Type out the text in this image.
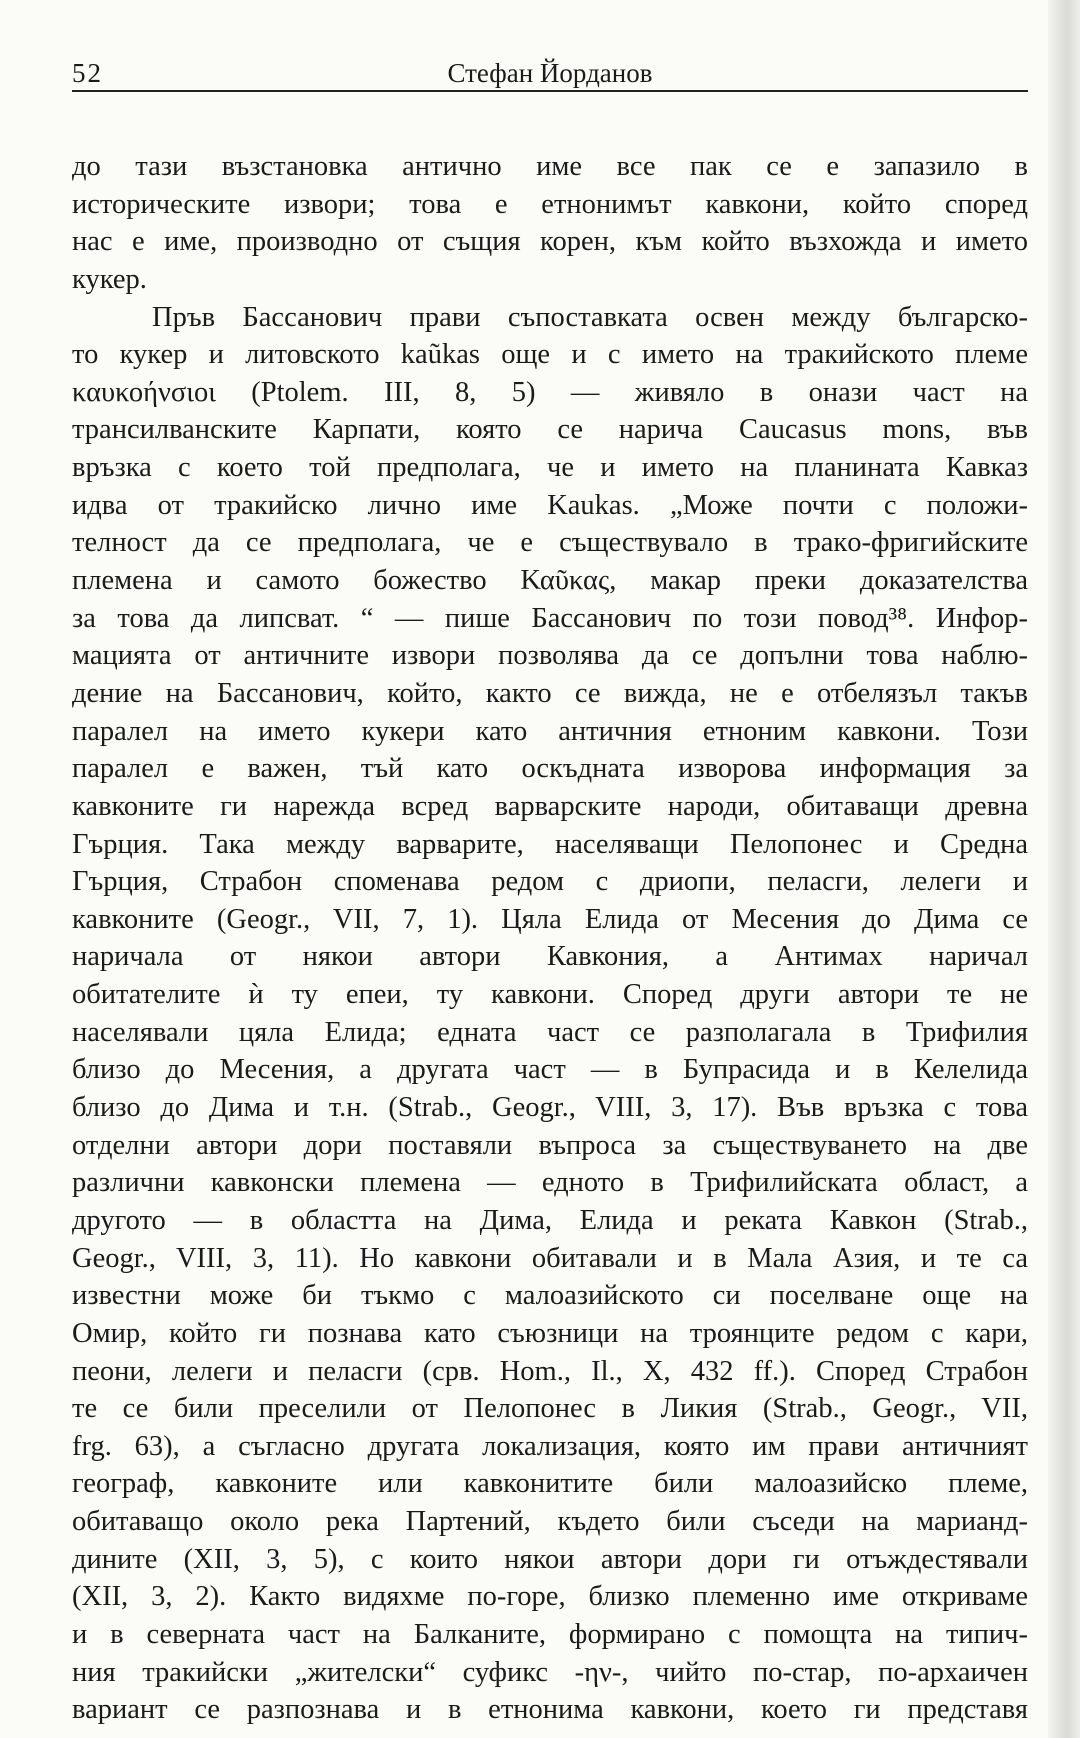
52	Стефан Йорданов
до тази възстановка антично име все пак се е запазило в
историческите извори; това е етнонимът кавкони, който според
нас е име, производно от същия корен, към който възхожда и името
кукер.
Пръв Бассанович прави съпоставката освен между българско-
то кукер и литовското kaũkas още и с името на тракийското племе
καυκοήνσιοι (Ptolem. III, 8, 5) — живяло в онази част на
трансилванските Карпати, която се нарича Caucasus mons, във
връзка с което той предполага, че и името на планината Кавказ
идва от тракийско лично име Kaukas. „Може почти с положи-
телност да се предполага, че е съществувало в тракo-фригийските
племена и самото божество Καῦκας, макар преки доказателства
за това да липсват. “ — пише Бассанович по този повод³⁸. Инфор-
мацията от античните извори позволява да се допълни това наблю-
дение на Бассанович, който, както се вижда, не е отбелязъл такъв
паралел на името кукери като античния етноним кавкони. Този
паралел е важен, тъй като оскъдната изворова информация за
кавконите ги нарежда всред варварските народи, обитаващи древна
Гърция. Така между варварите, населяващи Пелопонес и Средна
Гърция, Страбон споменава редом с дриопи, пеласги, лелеги и
кавконите (Geogr., VII, 7, 1). Цяла Елида от Месения до Дима се
наричала от някои автори Кавкония, а Антимах наричал
обитателите ѝ ту епеи, ту кавкони. Според други автори те не
населявали цяла Елида; едната част се разполагала в Трифилия
близо до Месения, а другата част — в Бупрасида и в Келелида
близо до Дима и т.н. (Strab., Geogr., VIII, 3, 17). Във връзка с това
отделни автори дори поставяли въпроса за съществуването на две
различни кавконски племена — едното в Трифилийската област, а
другото — в областта на Дима, Елида и реката Кавкон (Strab.,
Geogr., VIII, 3, 11). Но кавкони обитавали и в Мала Азия, и те са
известни може би тъкмо с малоазийското си поселване още на
Омир, който ги познава като съюзници на троянците редом с кари,
пеони, лелеги и пеласги (срв. Hom., Il., X, 432 ff.). Според Страбон
те се били преселили от Пелопонес в Ликия (Strab., Geogr., VII,
frg. 63), а съгласно другата локализация, която им прави античният
географ, кавконите или кавконитите били малоазийско племе,
обитаващо около река Партений, където били съседи на марианд-
дините (XII, 3, 5), с които някои автори дори ги отъждестявали
(XII, 3, 2). Както видяхме по-горе, близко племенно име откриваме
и в северната част на Балканите, формирано с помощта на типич-
ния тракийски „жителски“ суфикс -ην-, чийто по-стар, по-архаичен
вариант се разпознава и в етнонима кавкони, което ги представя
